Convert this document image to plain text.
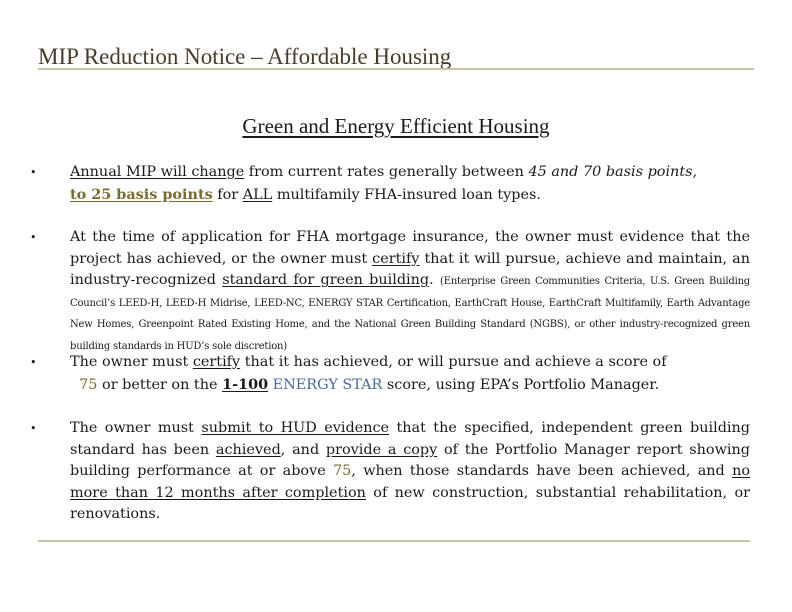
MIP Reduction Notice – Affordable Housing
Green and Energy Efficient Housing
• Annual MIP will change from current rates generally between 45 and 70 basis points,
to 25 basis points for ALL multifamily FHA-insured loan types.
• At the time of application for FHA mortgage insurance, the owner must evidence that the project has achieved, or the owner must certify that it will pursue, achieve and maintain, an industry-recognized standard for green building. (Enterprise Green Communities Criteria, U.S. Green Building Council’s LEED-H, LEED-H Midrise, LEED-NC, ENERGY STAR Certification, EarthCraft House, EarthCraft Multifamily, Earth Advantage New Homes, Greenpoint Rated Existing Home, and the National Green Building Standard (NGBS), or other industry-recognized green building standards in HUD’s sole discretion)
• The owner must certify that it has achieved, or will pursue and achieve a score of
75 or better on the 1-100 ENERGY STAR score, using EPA’s Portfolio Manager.
• The owner must submit to HUD evidence that the specified, independent green building standard has been achieved, and provide a copy of the Portfolio Manager report showing building performance at or above 75, when those standards have been achieved, and no more than 12 months after completion of new construction, substantial rehabilitation, or renovations.
